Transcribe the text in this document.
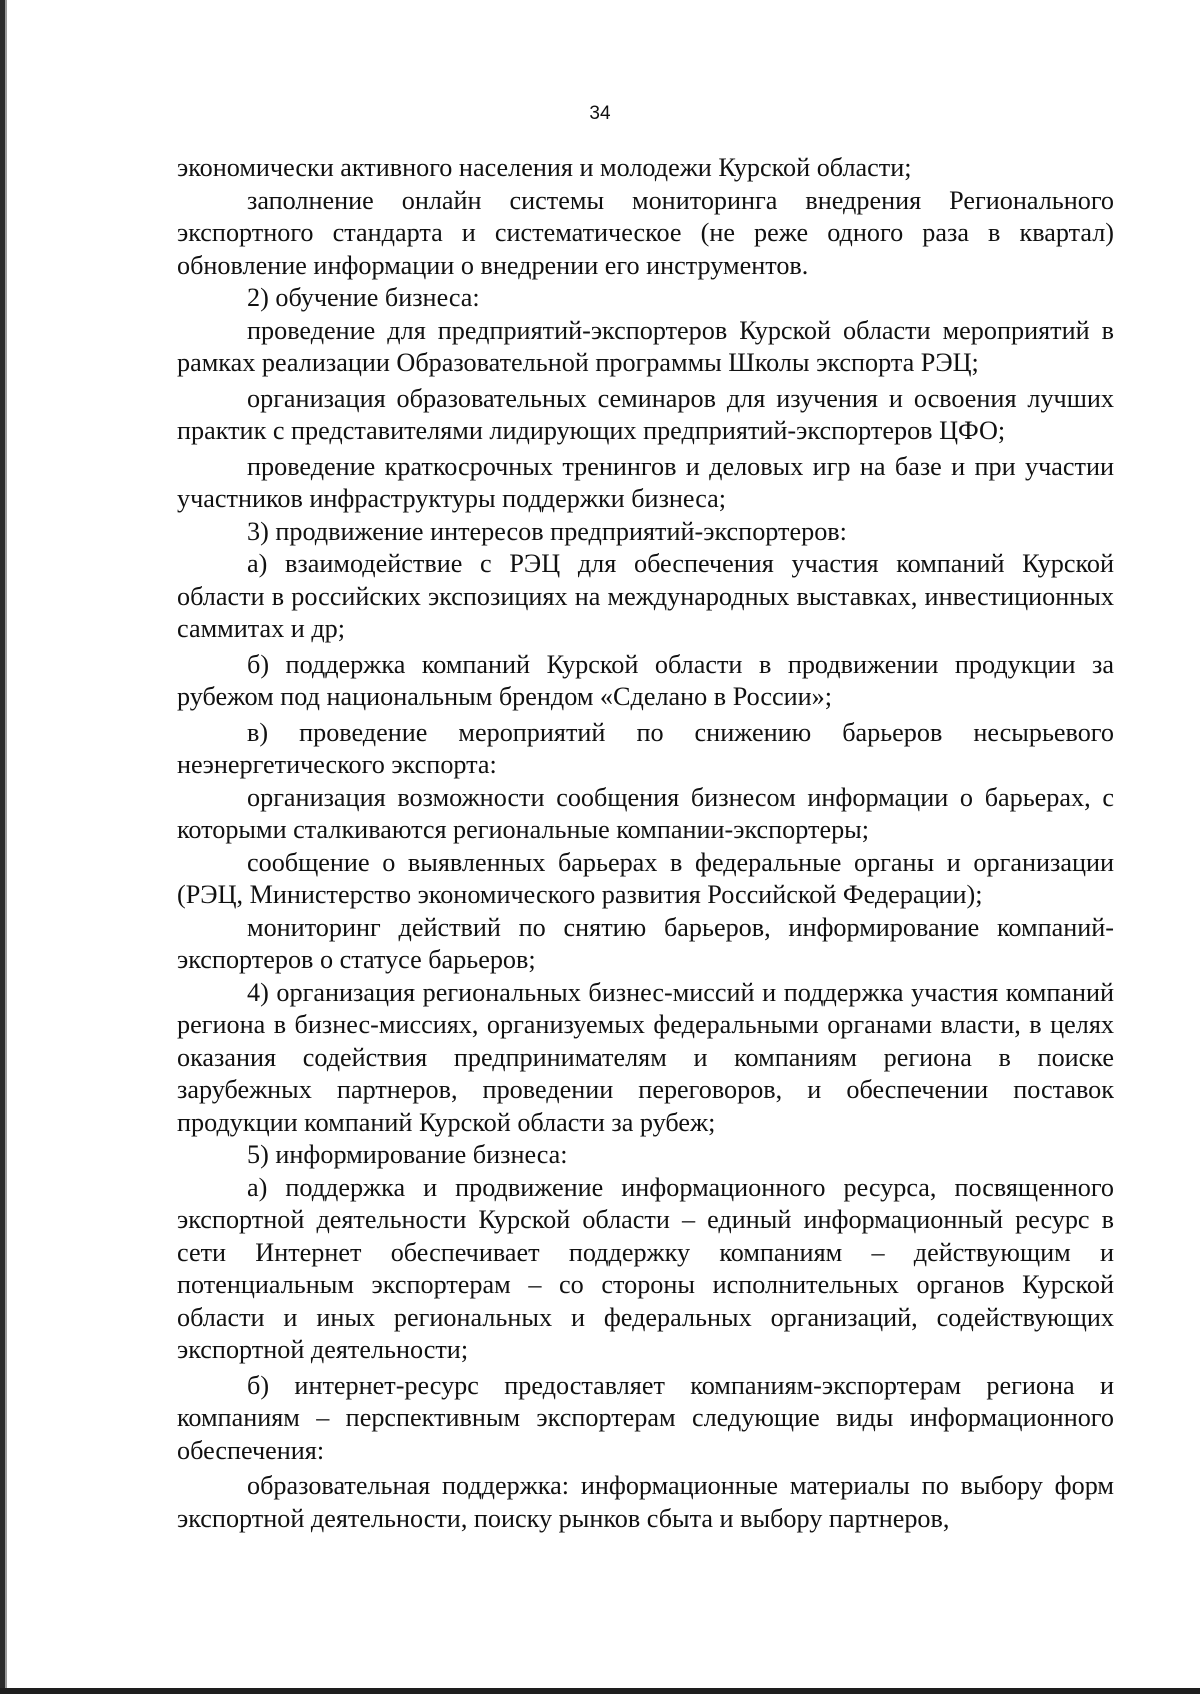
34

экономически активного населения и молодежи Курской области;

заполнение онлайн системы мониторинга внедрения Регионального экспортного стандарта и систематическое (не реже одного раза в квартал) обновление информации о внедрении его инструментов.

2) обучение бизнеса:

проведение для предприятий-экспортеров Курской области мероприятий в рамках реализации Образовательной программы Школы экспорта РЭЦ;

организация образовательных семинаров для изучения и освоения лучших практик с представителями лидирующих предприятий-экспортеров ЦФО;

проведение краткосрочных тренингов и деловых игр на базе и при участии участников инфраструктуры поддержки бизнеса;

3) продвижение интересов предприятий-экспортеров:

а) взаимодействие с РЭЦ для обеспечения участия компаний Курской области в российских экспозициях на международных выставках, инвестиционных саммитах и др;

б) поддержка компаний Курской области в продвижении продукции за рубежом под национальным брендом «Сделано в России»;

в) проведение мероприятий по снижению барьеров несырьевого неэнергетического экспорта:

организация возможности сообщения бизнесом информации о барьерах, с которыми сталкиваются региональные компании-экспортеры;

сообщение о выявленных барьерах в федеральные органы и организации (РЭЦ, Министерство экономического развития Российской Федерации);

мониторинг действий по снятию барьеров, информирование компаний-экспортеров о статусе барьеров;

4) организация региональных бизнес-миссий и поддержка участия компаний региона в бизнес-миссиях, организуемых федеральными органами власти, в целях оказания содействия предпринимателям и компаниям региона в поиске зарубежных партнеров, проведении переговоров, и обеспечении поставок продукции компаний Курской области за рубеж;

5) информирование бизнеса:

а) поддержка и продвижение информационного ресурса, посвященного экспортной деятельности Курской области – единый информационный ресурс в сети Интернет обеспечивает поддержку компаниям – действующим и потенциальным экспортерам – со стороны исполнительных органов Курской области и иных региональных и федеральных организаций, содействующих экспортной деятельности;

б) интернет-ресурс предоставляет компаниям-экспортерам региона и компаниям – перспективным экспортерам следующие виды информационного обеспечения:

образовательная поддержка: информационные материалы по выбору форм экспортной деятельности, поиску рынков сбыта и выбору партнеров,
